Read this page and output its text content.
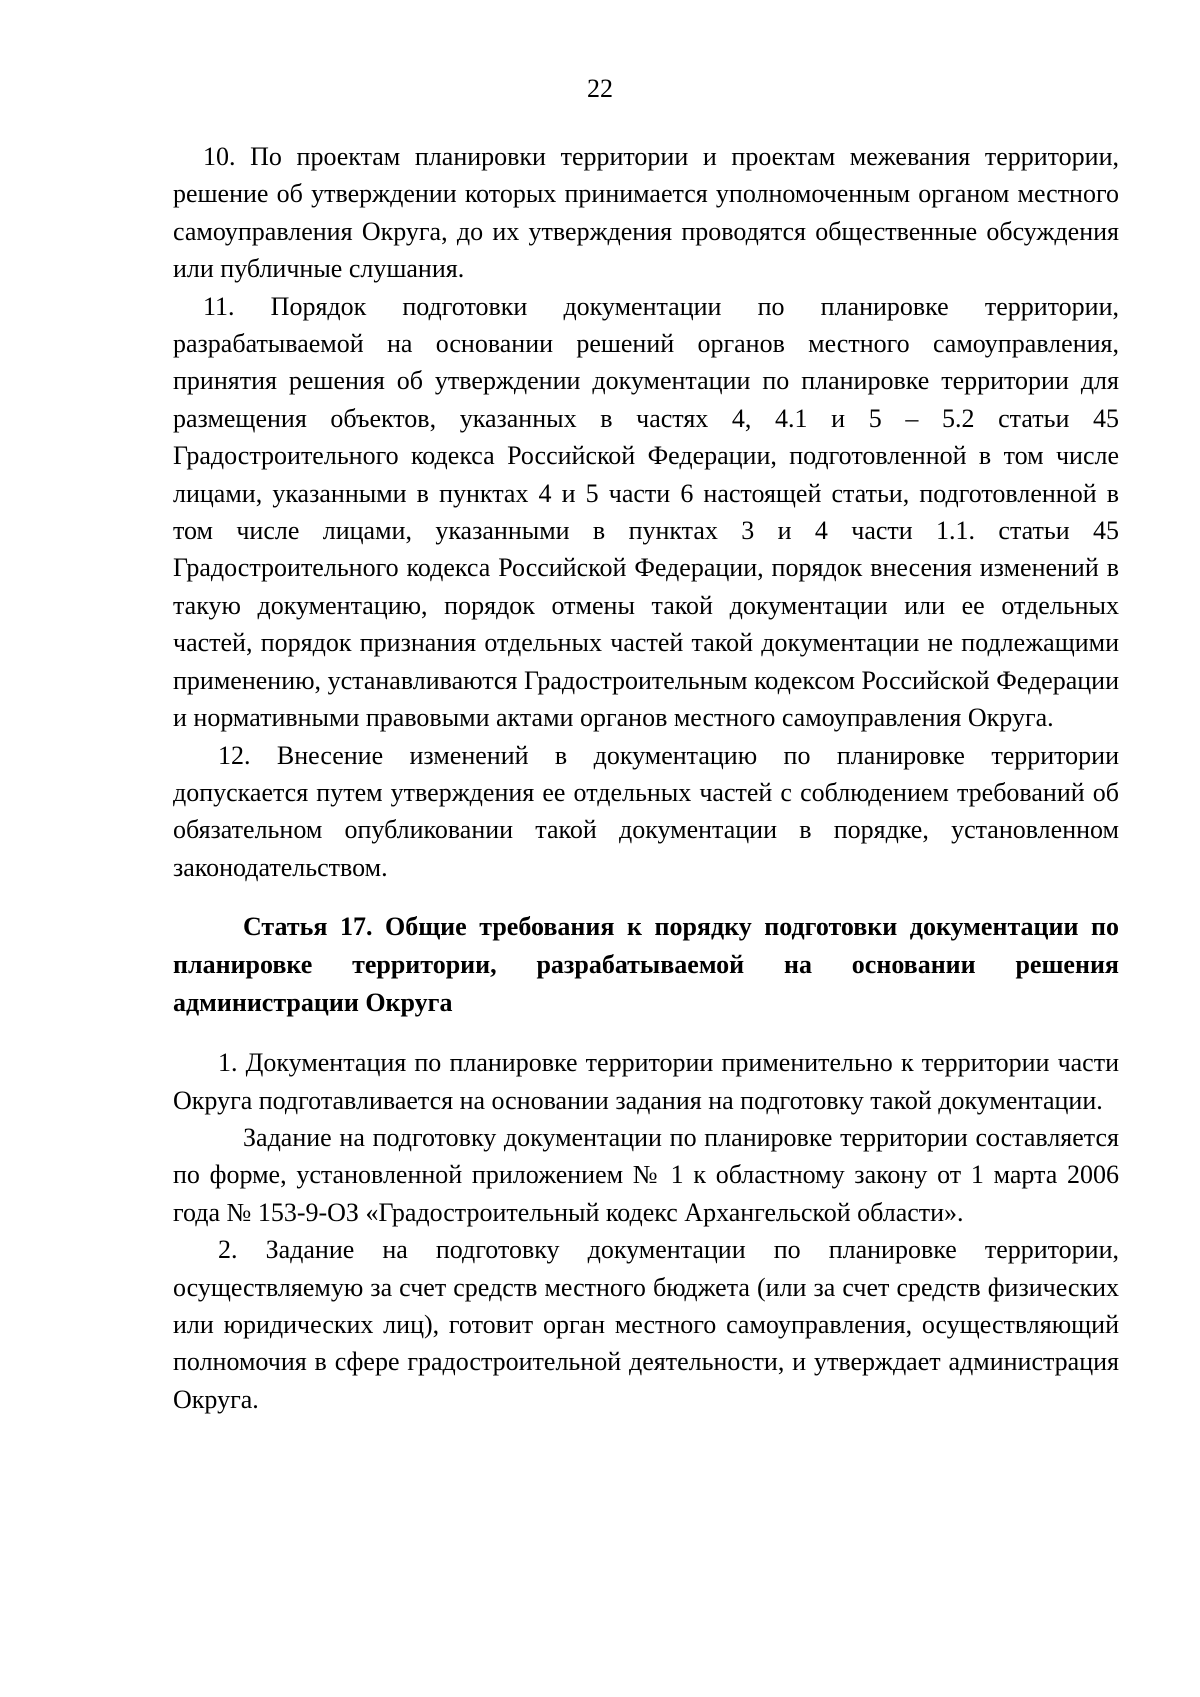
22

10. По проектам планировки территории и проектам межевания территории, решение об утверждении которых принимается уполномоченным органом местного самоуправления Округа, до их утверждения проводятся общественные обсуждения или публичные слушания.

11. Порядок подготовки документации по планировке территории, разрабатываемой на основании решений органов местного самоуправления, принятия решения об утверждении документации по планировке территории для размещения объектов, указанных в частях 4, 4.1 и 5 – 5.2 статьи 45 Градостроительного кодекса Российской Федерации, подготовленной в том числе лицами, указанными в пунктах 4 и 5 части 6 настоящей статьи, подготовленной в том числе лицами, указанными в пунктах 3 и 4 части 1.1. статьи 45 Градостроительного кодекса Российской Федерации, порядок внесения изменений в такую документацию, порядок отмены такой документации или ее отдельных частей, порядок признания отдельных частей такой документации не подлежащими применению, устанавливаются Градостроительным кодексом Российской Федерации и нормативными правовыми актами органов местного самоуправления Округа.

12. Внесение изменений в документацию по планировке территории допускается путем утверждения ее отдельных частей с соблюдением требований об обязательном опубликовании такой документации в порядке, установленном законодательством.

Статья 17. Общие требования к порядку подготовки документации по планировке территории, разрабатываемой на основании решения администрации Округа

1. Документация по планировке территории применительно к территории части Округа подготавливается на основании задания на подготовку такой документации.

Задание на подготовку документации по планировке территории составляется по форме, установленной приложением № 1 к областному закону от 1 марта 2006 года № 153-9-ОЗ «Градостроительный кодекс Архангельской области».

2. Задание на подготовку документации по планировке территории, осуществляемую за счет средств местного бюджета (или за счет средств физических или юридических лиц), готовит орган местного самоуправления, осуществляющий полномочия в сфере градостроительной деятельности, и утверждает администрация Округа.
